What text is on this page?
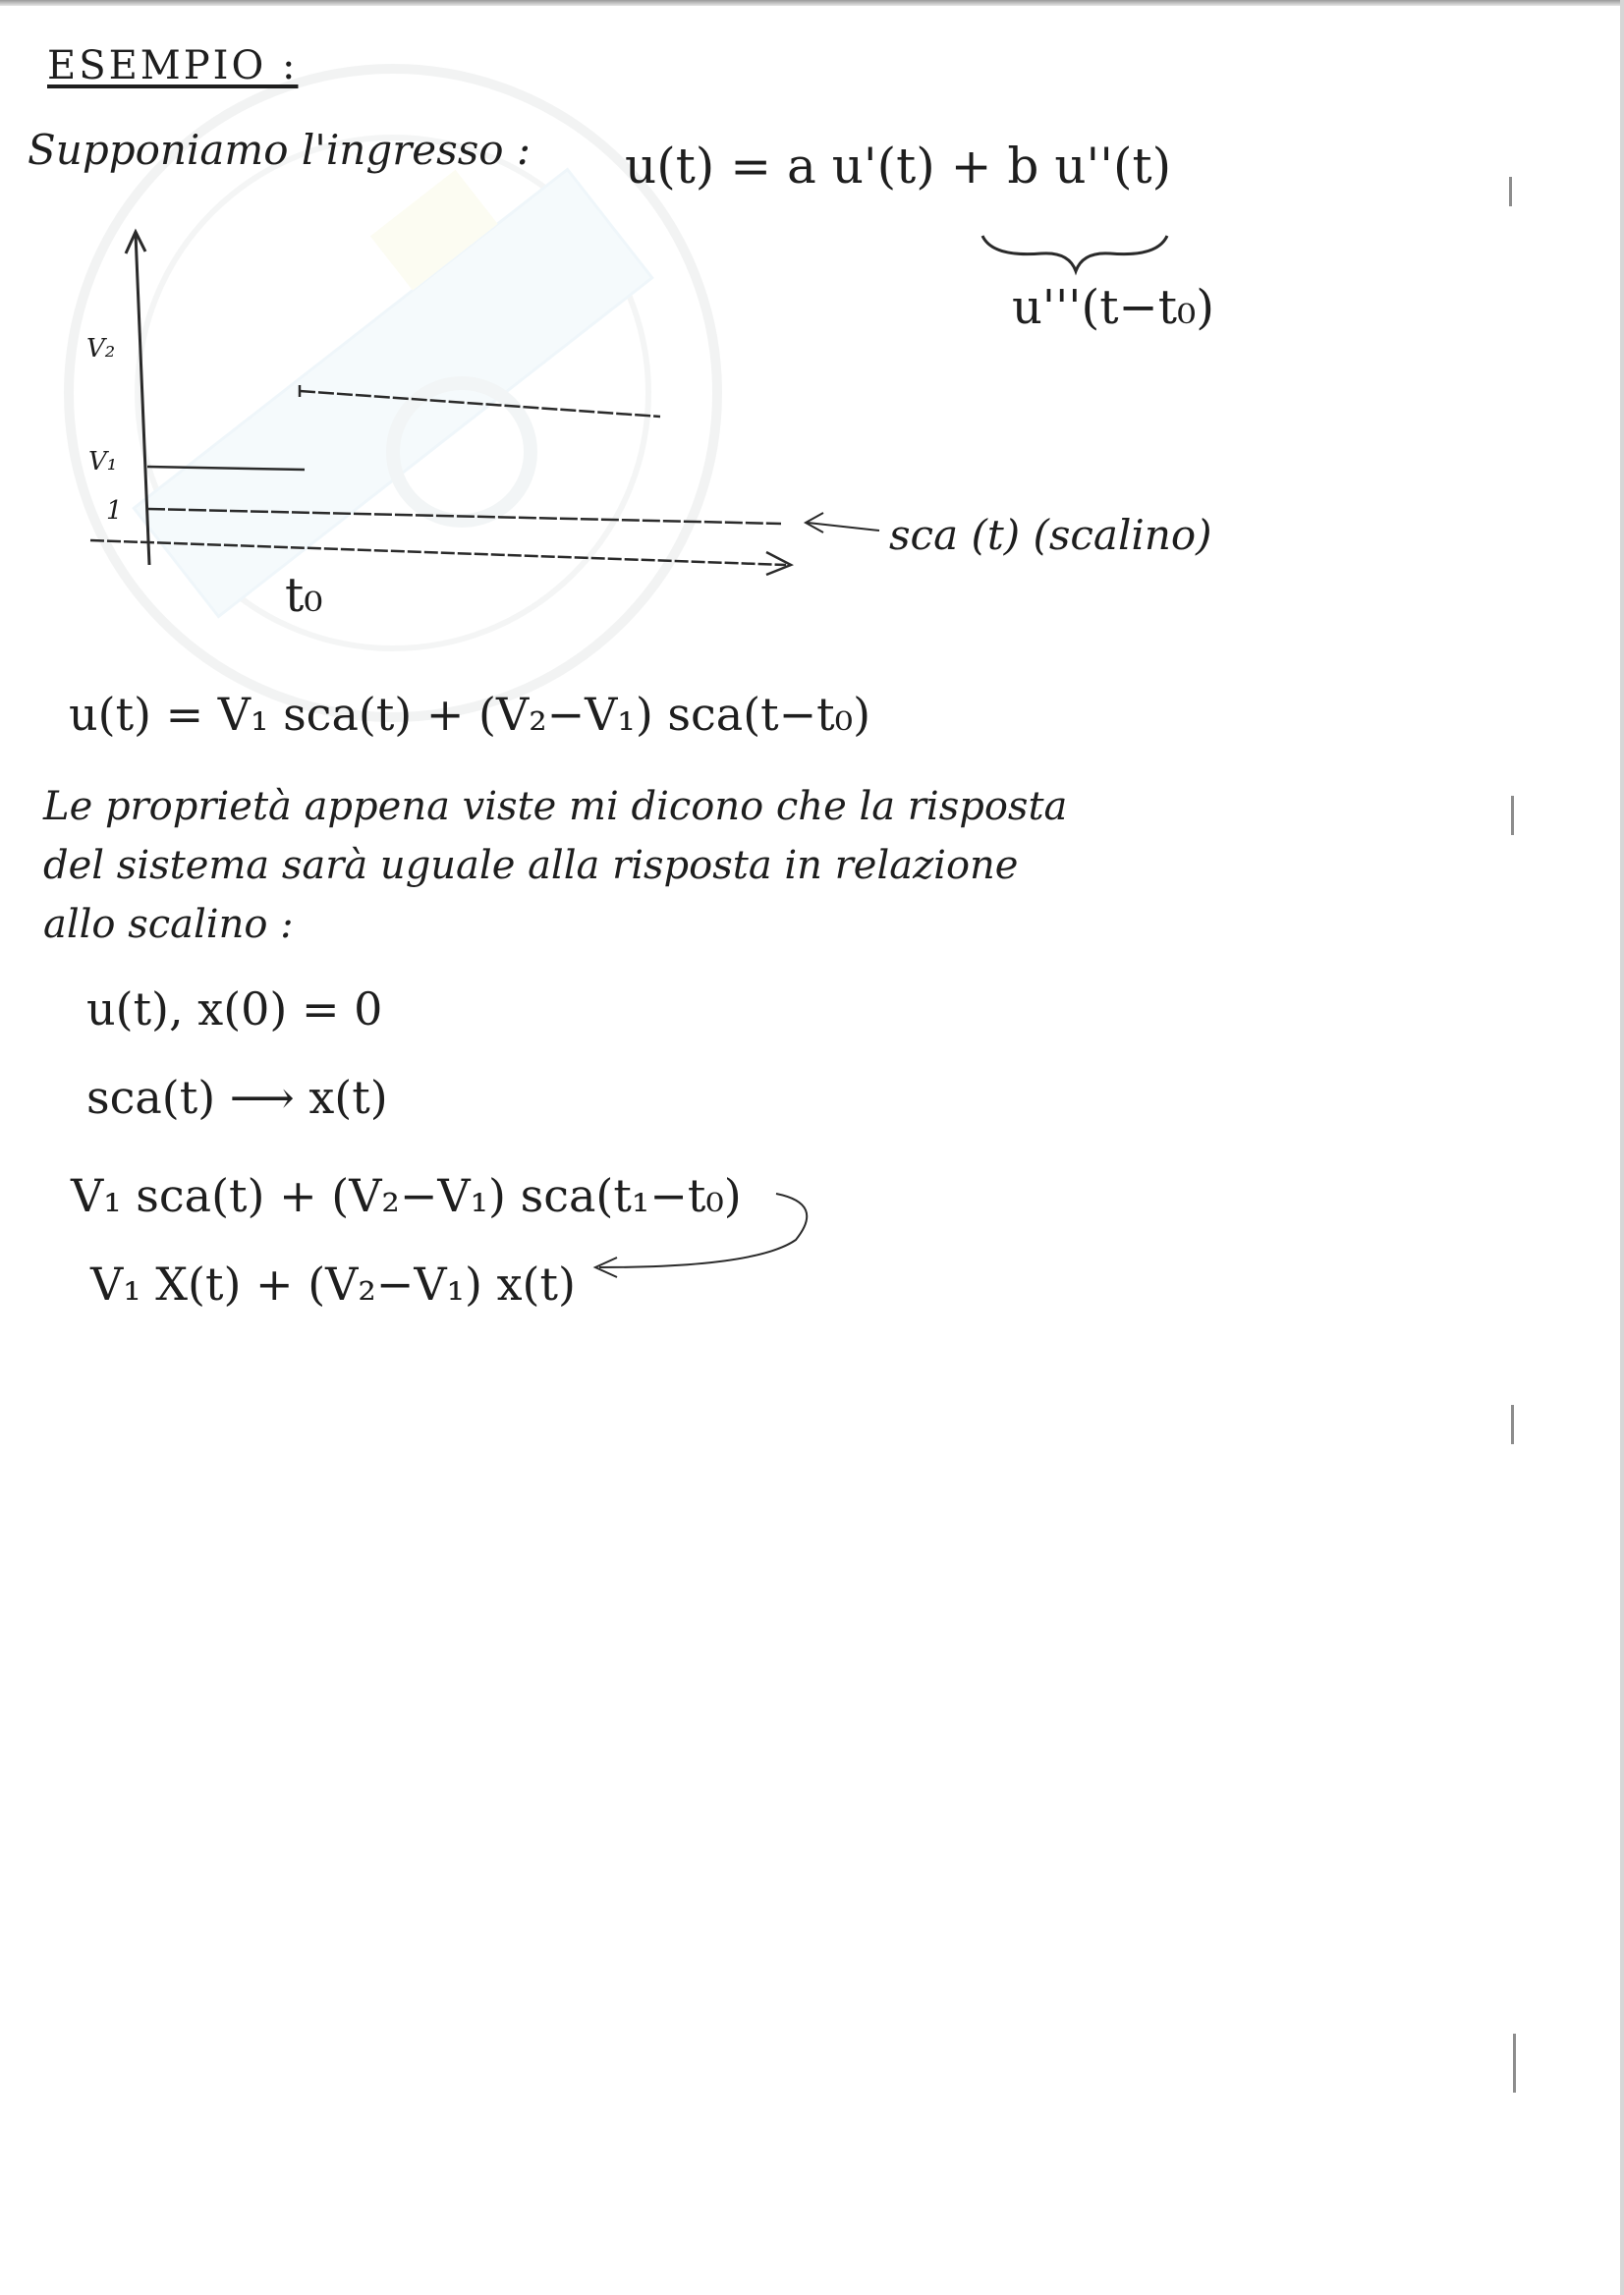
ESEMPIO :
Supponiamo l'ingresso : u(t) = a u'(t) + b u''(t)
u'''(t−t₀)
V₂
V₁
1
t₀
sca (t) (scalino)
u(t) = V₁ sca(t) + (V₂−V₁) sca(t−t₀)
Le proprietà appena viste mi dicono che la risposta
del sistema sarà uguale alla risposta in relazione
allo scalino :
u(t), x(0) = 0
sca(t) ⟶ x(t)
V₁ sca(t) + (V₂−V₁) sca(t₁−t₀)
V₁ X(t) + (V₂−V₁) x(t)
